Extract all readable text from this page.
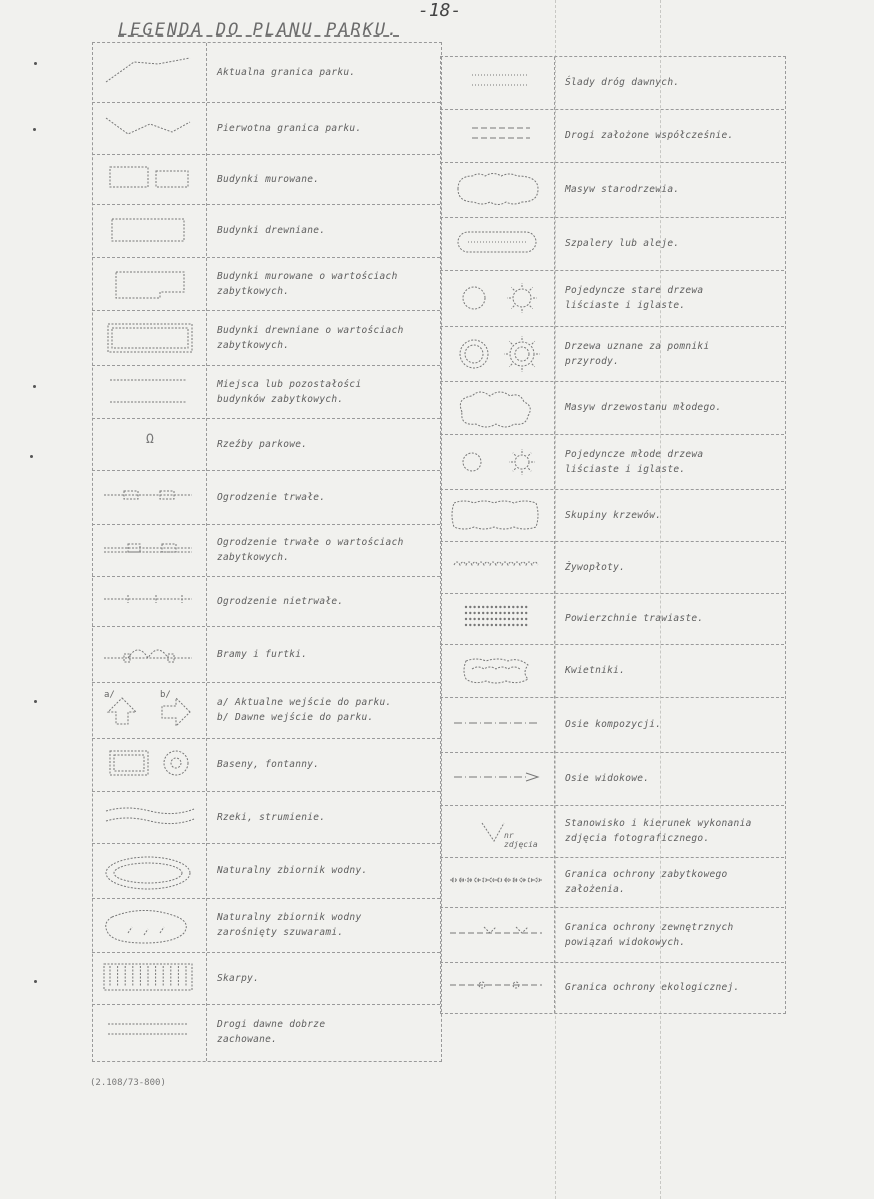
-18-
LEGENDA DO PLANU PARKU.
Aktualna granica parku.
Pierwotna granica parku.
Budynki murowane.
Budynki drewniane.
Budynki murowane o wartościach
zabytkowych.
Budynki drewniane o wartościach
zabytkowych.
Miejsca lub pozostałości
budynków zabytkowych.
Ω	Rzeźby parkowe.
Ogrodzenie trwałe.
Ogrodzenie trwałe o wartościach
zabytkowych.
Ogrodzenie nietrwałe.
Bramy i furtki.
a/	b/
a/ Aktualne wejście do parku.
b/ Dawne wejście do parku.
Baseny, fontanny.
Rzeki, strumienie.
Naturalny zbiornik wodny.
Naturalny zbiornik wodny
zarośnięty szuwarami.
Skarpy.
Drogi dawne dobrze
zachowane.
Ślady dróg dawnych.
Drogi założone współcześnie.
Masyw starodrzewia.
Szpalery lub aleje.
Pojedyncze stare drzewa
liściaste i iglaste.
Drzewa uznane za pomniki
przyrody.
Masyw drzewostanu młodego.
Pojedyncze młode drzewa
liściaste i iglaste.
Skupiny krzewów.
Żywopłoty.
Powierzchnie trawiaste.
Kwietniki.
Osie kompozycji.
Osie widokowe.
nr zdjęcia
Stanowisko i kierunek wykonania
zdjęcia fotograficznego.
Granica ochrony zabytkowego
założenia.
Granica ochrony zewnętrznych
powiązań widokowych.
Granica ochrony ekologicznej.
(2.108/73-800)
